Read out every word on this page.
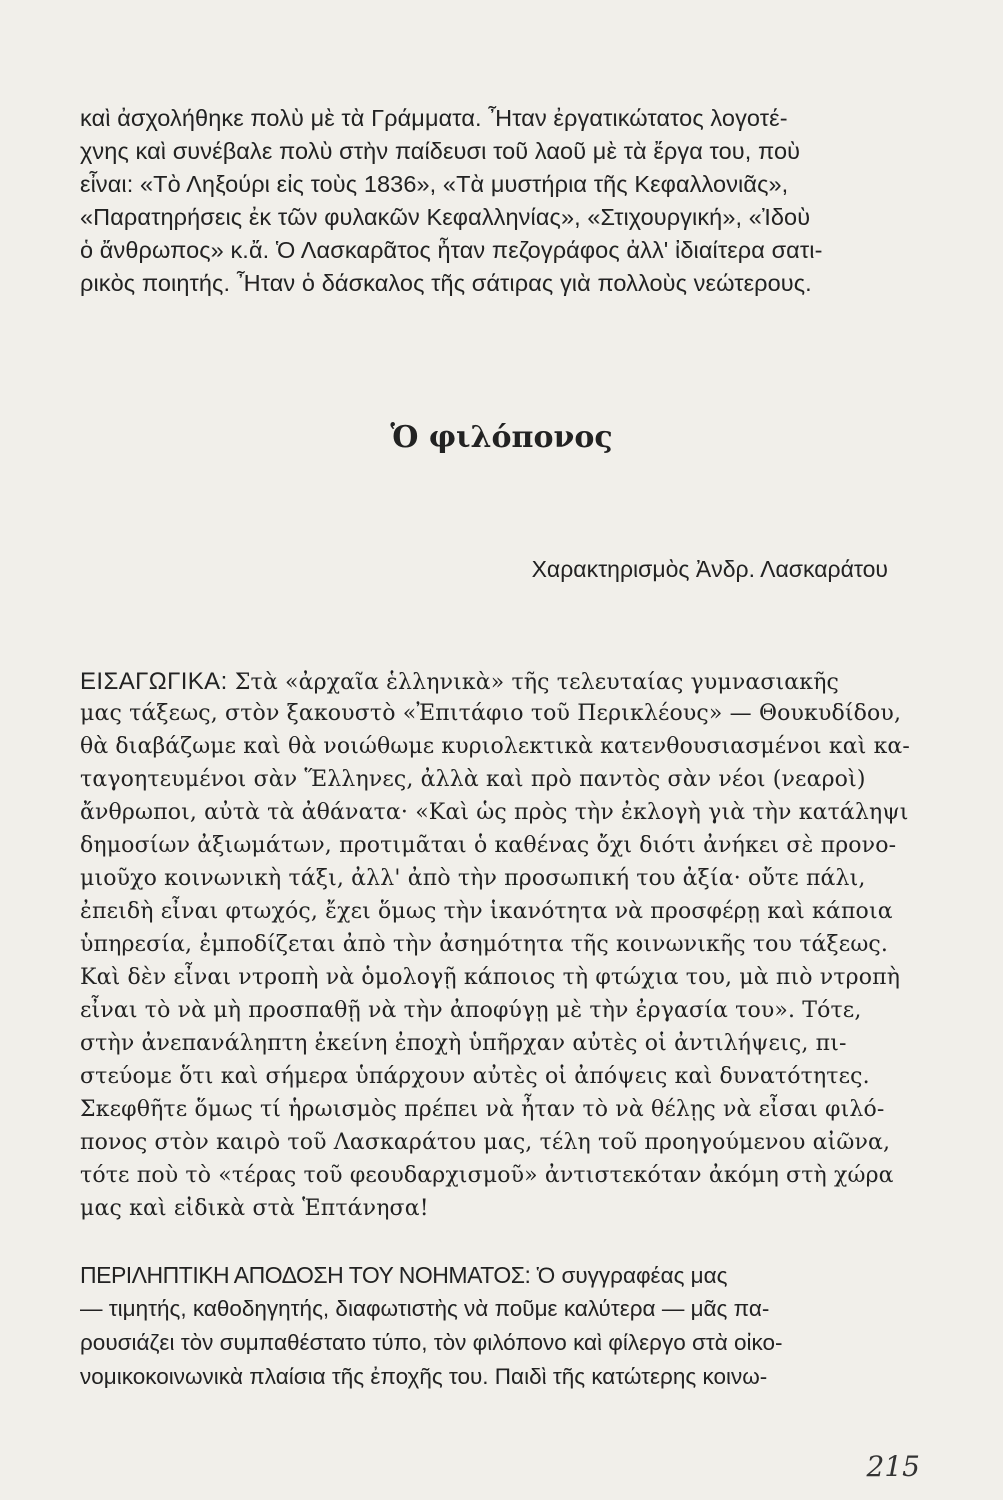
καὶ ἀσχολήθηκε πολὺ μὲ τὰ Γράμματα. Ἦταν ἐργατικώτατος λογοτέ-
χνης καὶ συνέβαλε πολὺ στὴν παίδευσι τοῦ λαοῦ μὲ τὰ ἔργα του, ποὺ
εἶναι: «Τὸ Ληξούρι εἰς τοὺς 1836», «Τὰ μυστήρια τῆς Κεφαλλονιᾶς»,
«Παρατηρήσεις ἐκ τῶν φυλακῶν Κεφαλληνίας», «Στιχουργική», «Ἰδοὺ
ὁ ἄνθρωπος» κ.ἄ. Ὁ Λασκαρᾶτος ἦταν πεζογράφος ἀλλ' ἰδιαίτερα σατι-
ρικὸς ποιητής. Ἦταν ὁ δάσκαλος τῆς σάτιρας γιὰ πολλοὺς νεώτερους.
Ὁ φιλόπονος
Χαρακτηρισμὸς Ἀνδρ. Λασκαράτου
ΕΙΣΑΓΩΓΙΚΑ: Στὰ «ἀρχαῖα ἑλληνικὰ» τῆς τελευταίας γυμνασιακῆς
μας τάξεως, στὸν ξακουστὸ «Ἐπιτάφιο τοῦ Περικλέους» — Θουκυδίδου,
θὰ διαβάζωμε καὶ θὰ νοιώθωμε κυριολεκτικὰ κατενθουσιασμένοι καὶ κα-
ταγοητευμένοι σὰν Ἕλληνες, ἀλλὰ καὶ πρὸ παντὸς σὰν νέοι (νεαροὶ)
ἄνθρωποι, αὐτὰ τὰ ἀθάνατα· «Καὶ ὡς πρὸς τὴν ἐκλογὴ γιὰ τὴν κατάληψι
δημοσίων ἀξιωμάτων, προτιμᾶται ὁ καθένας ὄχι διότι ἀνήκει σὲ προνο-
μιοῦχο κοινωνικὴ τάξι, ἀλλ' ἀπὸ τὴν προσωπική του ἀξία· οὔτε πάλι,
ἐπειδὴ εἶναι φτωχός, ἔχει ὅμως τὴν ἱκανότητα νὰ προσφέρῃ καὶ κάποια
ὑπηρεσία, ἐμποδίζεται ἀπὸ τὴν ἀσημότητα τῆς κοινωνικῆς του τάξεως.
Καὶ δὲν εἶναι ντροπὴ νὰ ὁμολογῇ κάποιος τὴ φτώχια του, μὰ πιὸ ντροπὴ
εἶναι τὸ νὰ μὴ προσπαθῇ νὰ τὴν ἀποφύγῃ μὲ τὴν ἐργασία του». Τότε,
στὴν ἀνεπανάληπτη ἐκείνη ἐποχὴ ὑπῆρχαν αὐτὲς οἱ ἀντιλήψεις, πι-
στεύομε ὅτι καὶ σήμερα ὑπάρχουν αὐτὲς οἱ ἀπόψεις καὶ δυνατότητες.
Σκεφθῆτε ὅμως τί ἡρωισμὸς πρέπει νὰ ἦταν τὸ νὰ θέλῃς νὰ εἶσαι φιλό-
πονος στὸν καιρὸ τοῦ Λασκαράτου μας, τέλη τοῦ προηγούμενου αἰῶνα,
τότε ποὺ τὸ «τέρας τοῦ φεουδαρχισμοῦ» ἀντιστεκόταν ἀκόμη στὴ χώρα
μας καὶ εἰδικὰ στὰ Ἑπτάνησα!
ΠΕΡΙΛΗΠΤΙΚΗ ΑΠΟΔΟΣΗ ΤΟΥ ΝΟΗΜΑΤΟΣ: Ὁ συγγραφέας μας
— τιμητής, καθοδηγητής, διαφωτιστὴς νὰ ποῦμε καλύτερα — μᾶς πα-
ρουσιάζει τὸν συμπαθέστατο τύπο, τὸν φιλόπονο καὶ φίλεργο στὰ οἰκο-
νομικοκοινωνικὰ πλαίσια τῆς ἐποχῆς του. Παιδὶ τῆς κατώτερης κοινω-
215
